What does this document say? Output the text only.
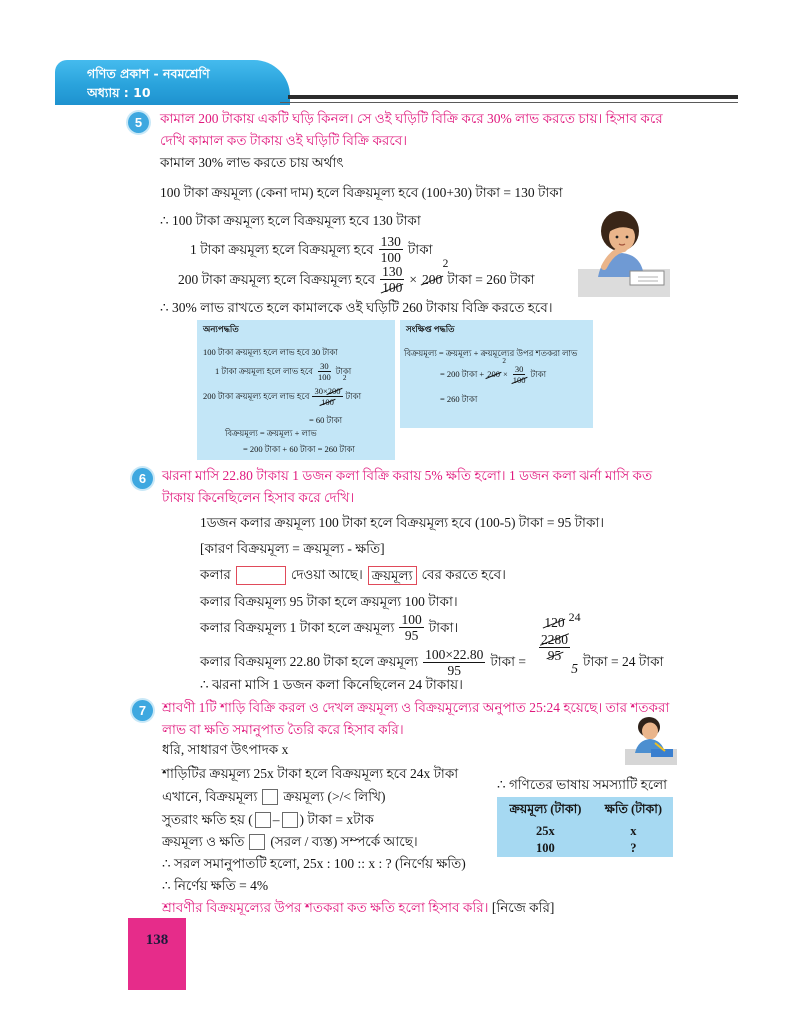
গণিত প্রকাশ - নবমশ্রেণি
অধ্যায় : 10
5	কামাল 200 টাকায় একটি ঘড়ি কিনল। সে ওই ঘড়িটি বিক্রি করে 30% লাভ করতে চায়। হিসাব করে দেখি কামাল কত টাকায় ওই ঘড়িটি বিক্রি করবে।
কামাল 30% লাভ করতে চায় অর্থাৎ
100 টাকা ক্রয়মূল্য (কেনা দাম) হলে বিক্রয়মূল্য হবে (100+30) টাকা = 130 টাকা
∴ 100 টাকা ক্রয়মূল্য হলে বিক্রয়মূল্য হবে 130 টাকা
1 টাকা ক্রয়মূল্য হলে বিক্রয়মূল্য হবে $\frac{130}{100}$ টাকা
200 টাকা ক্রয়মূল্য হলে বিক্রয়মূল্য হবে $\frac{130}{100} \times 200$
2
টাকা = 260 টাকা
∴ 30% লাভ রাখতে হলে কামালকে ওই ঘড়িটি 260 টাকায় বিক্রি করতে হবে।
অন্যপদ্ধতি
100 টাকা ক্রয়মূল্য হলে লাভ হবে 30 টাকা
1 টাকা ক্রয়মূল্য হলে লাভ হবে $\frac{30}{100}$ টাকা
200 টাকা ক্রয়মূল্য হলে লাভ হবে 30×200
2
100 টাকা
= 60 টাকা
বিক্রয়মূল্য = ক্রয়মূল্য + লাভ
= 200 টাকা + 60 টাকা = 260 টাকা
সংক্ষিপ্ত পদ্ধতি
বিক্রয়মূল্য = ক্রয়মূল্য + ক্রয়মূল্যের উপর শতকরা লাভ
= 200 টাকা + 200
2
× $\frac{30}{100}$ টাকা
= 260 টাকা
6	ঝরনা মাসি 22.80 টাকায় 1 ডজন কলা বিক্রি করায় 5% ক্ষতি হলো। 1 ডজন কলা ঝর্না মাসি কত টাকায় কিনেছিলেন হিসাব করে দেখি।
1ডজন কলার ক্রয়মূল্য 100 টাকা হলে বিক্রয়মূল্য হবে (100-5) টাকা = 95 টাকা।
[কারণ বিক্রয়মূল্য = ক্রয়মূল্য - ক্ষতি]
কলার	দেওয়া আছে। ক্রয়মূল্য বের করতে হবে।
কলার বিক্রয়মূল্য 95 টাকা হলে ক্রয়মূল্য 100 টাকা।
কলার বিক্রয়মূল্য 1 টাকা হলে ক্রয়মূল্য $\frac{100}{95}$ টাকা।
কলার বিক্রয়মূল্য 22.80 টাকা হলে ক্রয়মূল্য $\frac{100\times 22.80}{95}$ টাকা =
120 24
$\frac{2280}{95}$
5 টাকা = 24 টাকা
∴ ঝরনা মাসি 1 ডজন কলা কিনেছিলেন 24 টাকায়।
7	শ্রাবণী 1টি শাড়ি বিক্রি করল ও দেখল ক্রয়মূল্য ও বিক্রয়মূল্যের অনুপাত 25:24 হয়েছে। তার শতকরা লাভ বা ক্ষতি সমানুপাত তৈরি করে হিসাব করি।
ধরি, সাধারণ উৎপাদক x
শাড়িটির ক্রয়মূল্য 25x টাকা হলে বিক্রয়মূল্য হবে 24x টাকা
এখানে, বিক্রয়মূল্য ক্রয়মূল্য (>/< লিখি)
সুতরাং ক্ষতি হয় ( – ) টাকা = xটাক
ক্রয়মূল্য ও ক্ষতি (সরল / ব্যস্ত) সম্পর্কে আছে।
∴ সরল সমানুপাতটি হলো, 25x : 100 :: x : ? (নির্ণেয় ক্ষতি)
∴ নির্ণেয় ক্ষতি = 4%
শ্রাবণীর বিক্রয়মূল্যের উপর শতকরা কত ক্ষতি হলো হিসাব করি। [নিজে করি]
∴ গণিতের ভাষায় সমস্যাটি হলো
ক্রয়মূল্য (টাকা)	ক্ষতি (টাকা)
25x	x
100	?
138
